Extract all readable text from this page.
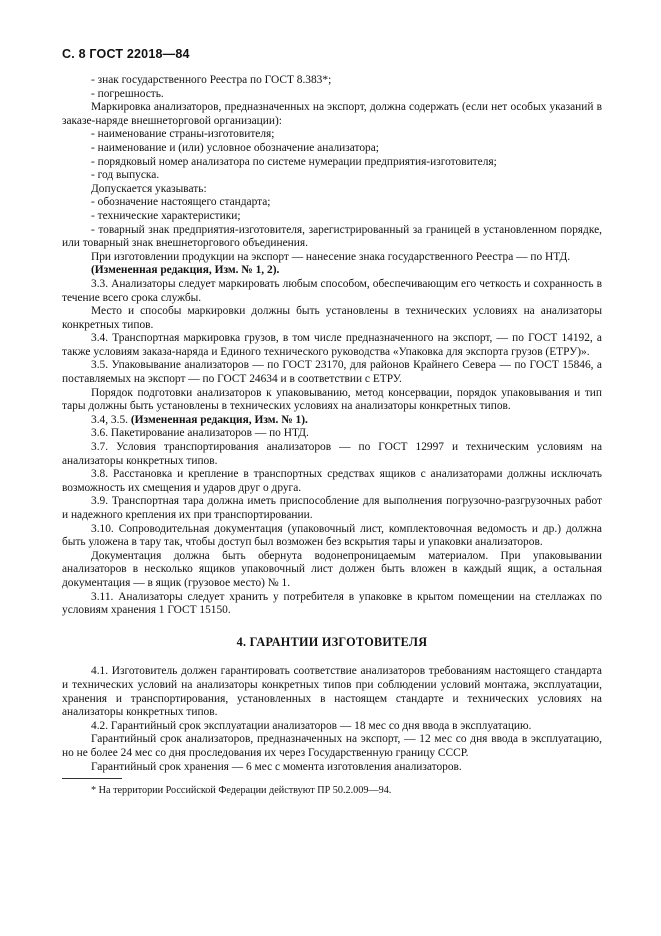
С. 8 ГОСТ 22018—84

- знак государственного Реестра по ГОСТ 8.383*;

- погрешность.

Маркировка анализаторов, предназначенных на экспорт, должна содержать (если нет особых указаний в заказе-наряде внешнеторговой организации):

- наименование страны-изготовителя;

- наименование и (или) условное обозначение анализатора;

- порядковый номер анализатора по системе нумерации предприятия-изготовителя;

- год выпуска.

Допускается указывать:

- обозначение настоящего стандарта;

- технические характеристики;

- товарный знак предприятия-изготовителя, зарегистрированный за границей в установленном порядке, или товарный знак внешнеторгового объединения.

При изготовлении продукции на экспорт — нанесение знака государственного Реестра — по НТД.

(Измененная редакция, Изм. № 1, 2).

3.3. Анализаторы следует маркировать любым способом, обеспечивающим его четкость и сохранность в течение всего срока службы.

Место и способы маркировки должны быть установлены в технических условиях на анализаторы конкретных типов.

3.4. Транспортная маркировка грузов, в том числе предназначенного на экспорт, — по ГОСТ 14192, а также условиям заказа-наряда и Единого технического руководства «Упаковка для экспорта грузов (ЕТРУ)».

3.5. Упаковывание анализаторов — по ГОСТ 23170, для районов Крайнего Севера — по ГОСТ 15846, а поставляемых на экспорт — по ГОСТ 24634 и в соответствии с ЕТРУ.

Порядок подготовки анализаторов к упаковыванию, метод консервации, порядок упаковывания и тип тары должны быть установлены в технических условиях на анализаторы конкретных типов.

3.4, 3.5. (Измененная редакция, Изм. № 1).

3.6. Пакетирование анализаторов — по НТД.

3.7. Условия транспортирования анализаторов — по ГОСТ 12997 и техническим условиям на анализаторы конкретных типов.

3.8. Расстановка и крепление в транспортных средствах ящиков с анализаторами должны исключать возможность их смещения и ударов друг о друга.

3.9. Транспортная тара должна иметь приспособление для выполнения погрузочно-разгрузочных работ и надежного крепления их при транспортировании.

3.10. Сопроводительная документация (упаковочный лист, комплектовочная ведомость и др.) должна быть уложена в тару так, чтобы доступ был возможен без вскрытия тары и упаковки анализаторов.

Документация должна быть обернута водонепроницаемым материалом. При упаковывании анализаторов в несколько ящиков упаковочный лист должен быть вложен в каждый ящик, а остальная документация — в ящик (грузовое место) № 1.

3.11. Анализаторы следует хранить у потребителя в упаковке в крытом помещении на стеллажах по условиям хранения 1 ГОСТ 15150.

4. ГАРАНТИИ ИЗГОТОВИТЕЛЯ

4.1. Изготовитель должен гарантировать соответствие анализаторов требованиям настоящего стандарта и технических условий на анализаторы конкретных типов при соблюдении условий монтажа, эксплуатации, хранения и транспортирования, установленных в настоящем стандарте и технических условиях на анализаторы конкретных типов.

4.2. Гарантийный срок эксплуатации анализаторов — 18 мес со дня ввода в эксплуатацию.

Гарантийный срок анализаторов, предназначенных на экспорт, — 12 мес со дня ввода в эксплуатацию, но не более 24 мес со дня проследования их через Государственную границу СССР.

Гарантийный срок хранения — 6 мес с момента изготовления анализаторов.

* На территории Российской Федерации действуют ПР 50.2.009—94.
